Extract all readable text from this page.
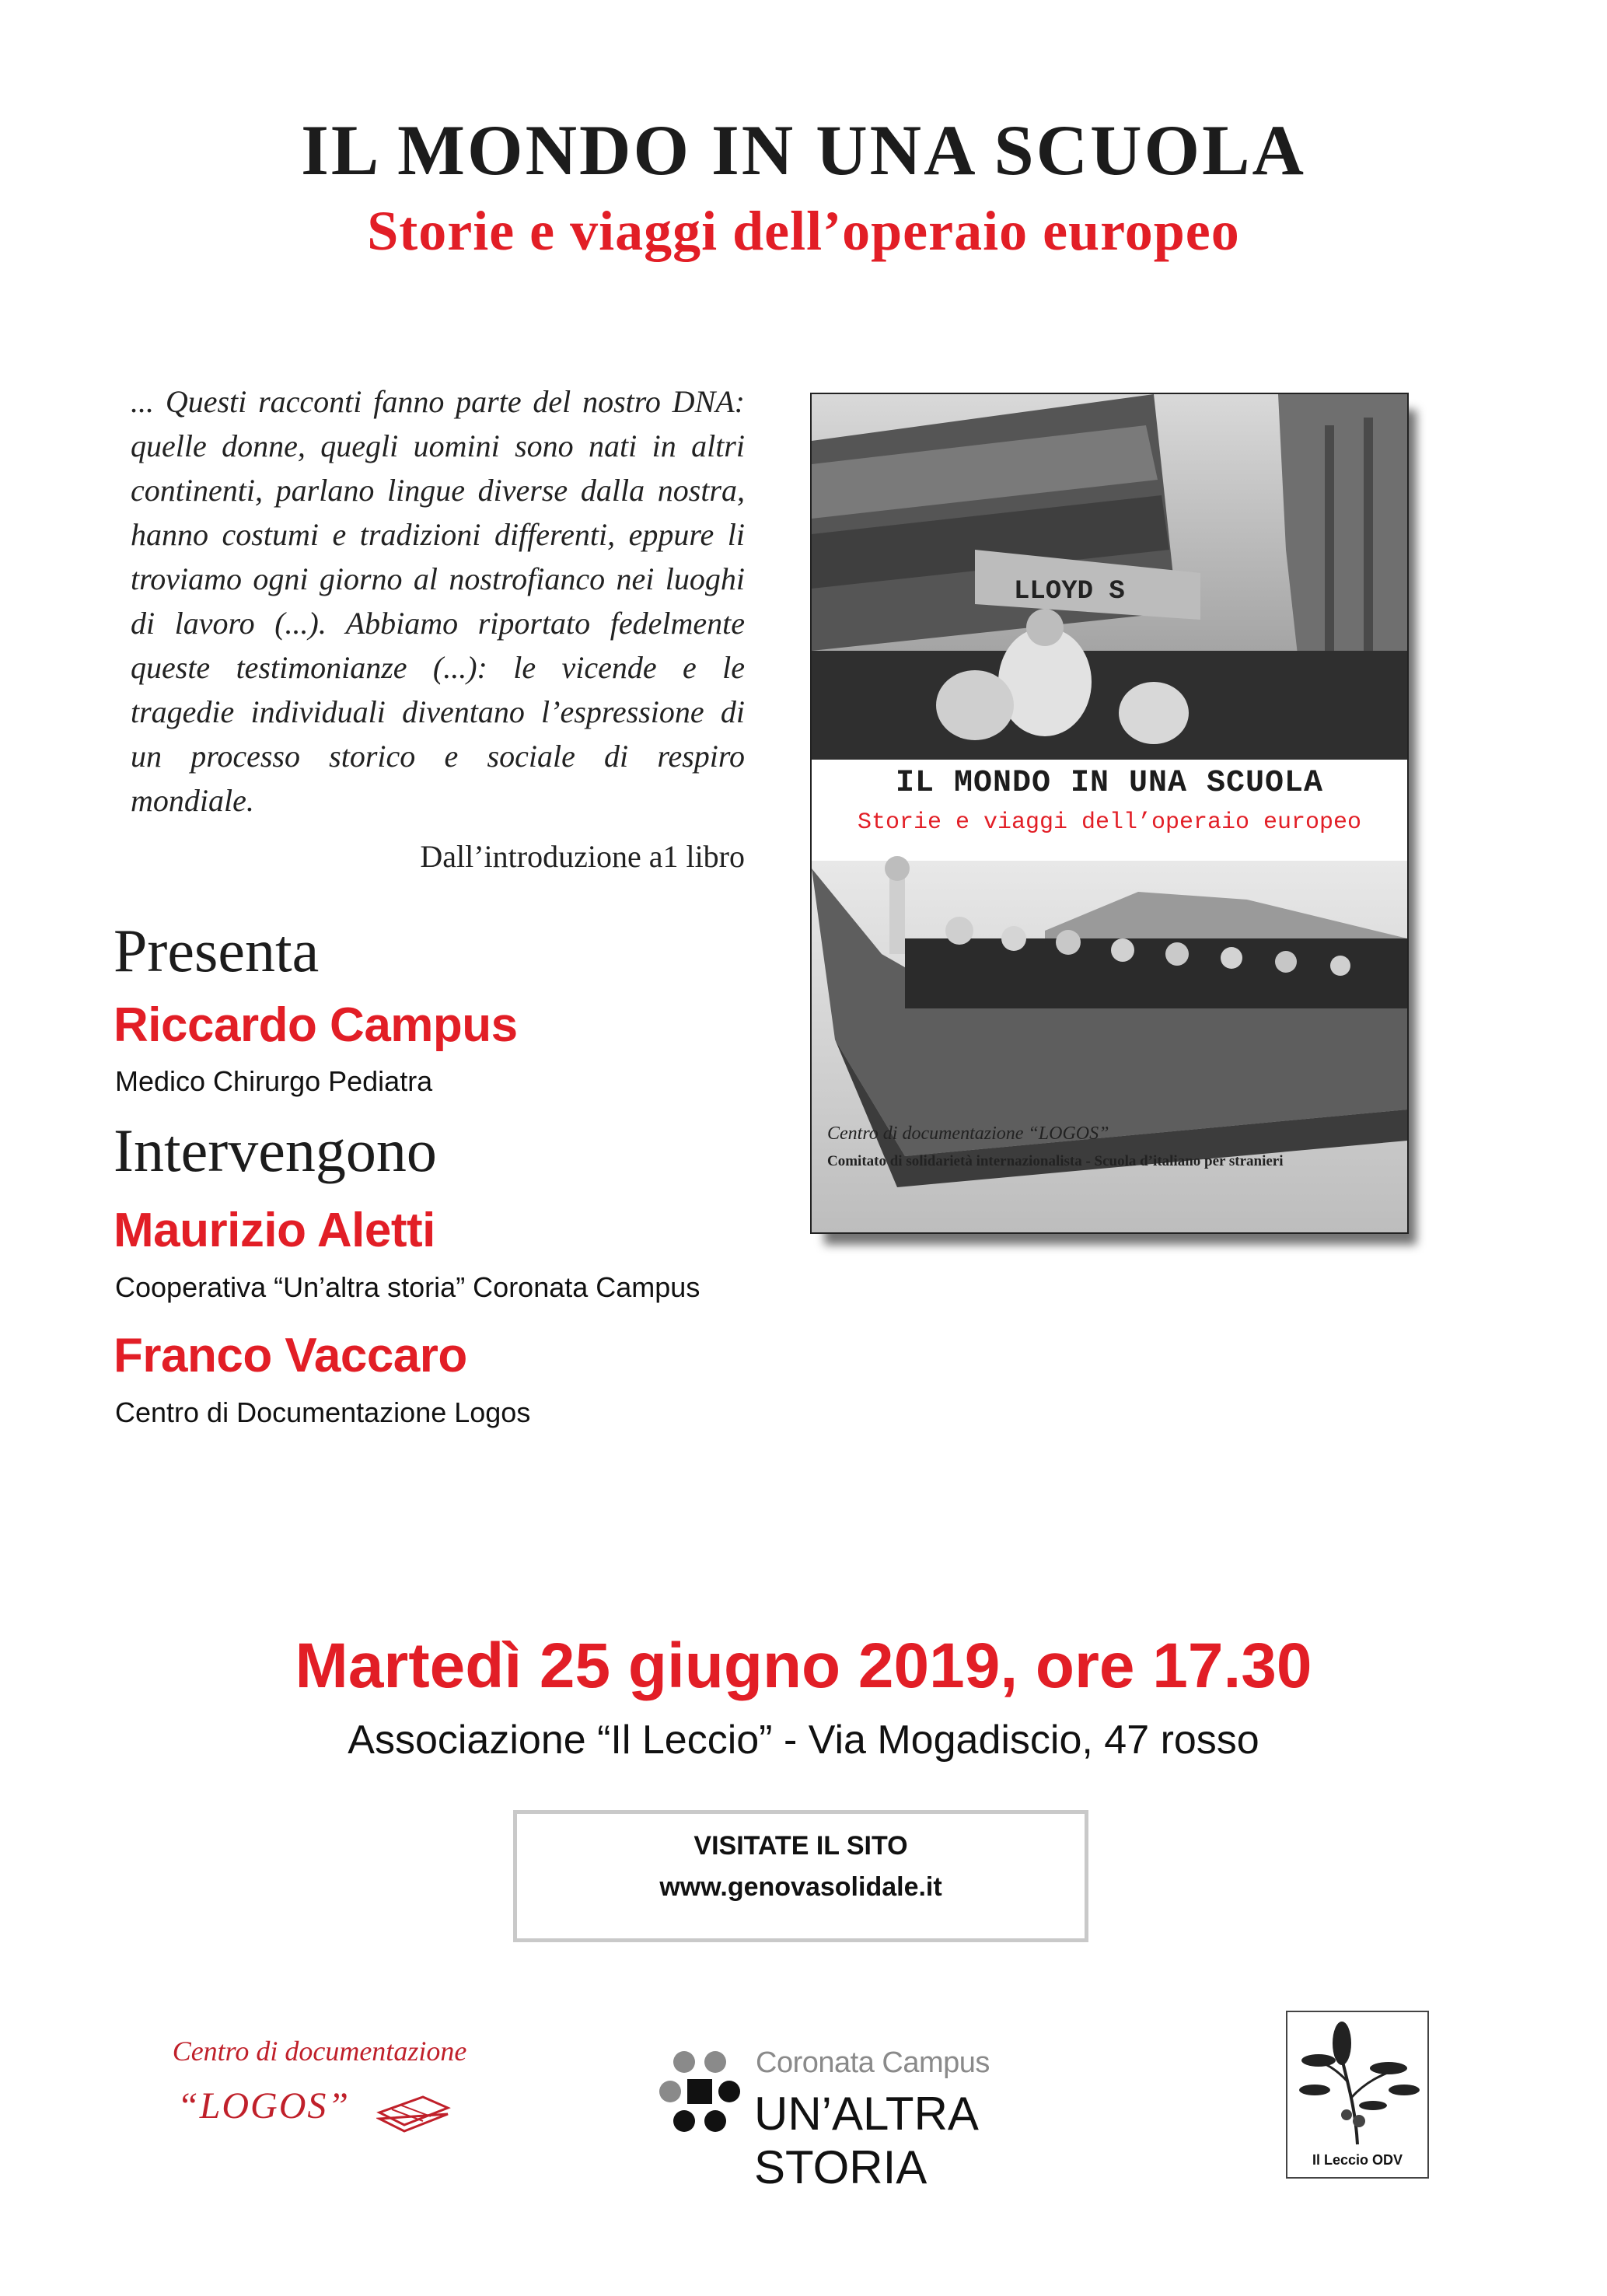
IL MONDO IN UNA SCUOLA
Storie e viaggi dell’operaio europeo
... Questi racconti fanno parte del nostro DNA: quelle donne, quegli uomini sono nati in altri continenti, parlano lingue diverse dalla nostra, hanno costumi e tradizioni differenti, eppure li troviamo ogni giorno al nostrofianco nei luoghi di lavoro (...). Abbiamo riportato fedelmente queste testimonianze (...): le vicende e le tragedie individuali diventano l’espressione di un processo storico e sociale di respiro mondiale.
Dall’introduzione a1 libro
Presenta
Riccardo Campus
Medico Chirurgo Pediatra
Intervengono
Maurizio Aletti
Cooperativa “Un’altra storia” Coronata Campus
Franco Vaccaro
Centro di Documentazione Logos
LLOYD S
IL MONDO IN UNA SCUOLA
Storie e viaggi dell’operaio europeo
Centro di documentazione “LOGOS”
Comitato di solidarietà internazionalista - Scuola d’italiano per stranieri
Martedì 25 giugno 2019, ore 17.30
Associazione “Il Leccio” - Via Mogadiscio, 47 rosso
VISITATE IL SITO
www.genovasolidale.it
Centro di documentazione
“LOGOS”
Coronata Campus
UN’ALTRA STORIA	Il Leccio ODV
